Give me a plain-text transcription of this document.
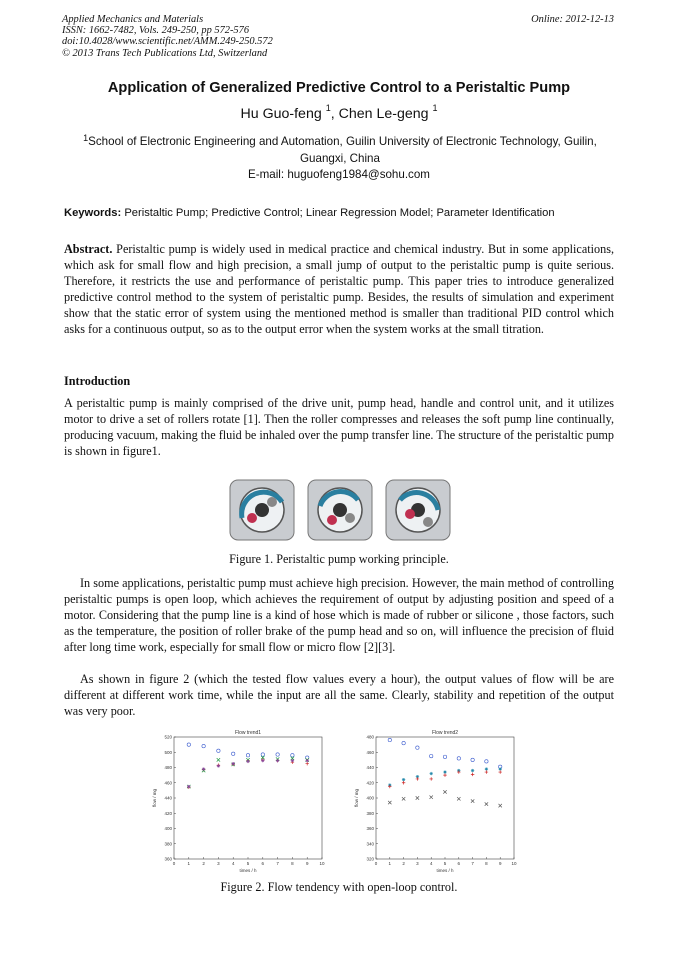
Applied Mechanics and Materials
ISSN: 1662-7482, Vols. 249-250, pp 572-576
doi:10.4028/www.scientific.net/AMM.249-250.572
© 2013 Trans Tech Publications Ltd, Switzerland
Online: 2012-12-13
Application of Generalized Predictive Control to a Peristaltic Pump
Hu Guo-feng $^1$, Chen Le-geng $^1$
$^1$School of Electronic Engineering and Automation, Guilin University of Electronic Technology, Guilin, Guangxi, China
E-mail: huguofeng1984@sohu.com
Keywords: Peristaltic Pump; Predictive Control; Linear Regression Model; Parameter Identification
Abstract. Peristaltic pump is widely used in medical practice and chemical industry. But in some applications, which ask for small flow and high precision, a small jump of output to the peristaltic pump is quite serious. Therefore, it restricts the use and performance of peristaltic pump. This paper tries to introduce generalized predictive control method to the system of peristaltic pump. Besides, the results of simulation and experiment show that the static error of system using the mentioned method is smaller than traditional PID control which asks for a continuous output, so as to the output error when the system works at the small titration.
Introduction
A peristaltic pump is mainly comprised of the drive unit, pump head, handle and control unit, and it utilizes motor to drive a set of rollers rotate [1]. Then the roller compresses and releases the soft pump line continually, producing vacuum, making the fluid be inhaled over the pump transfer line. The structure of the peristaltic pump is shown in figure1.
Figure 1. Peristaltic pump working principle.
In some applications, peristaltic pump must achieve high precision. However, the main method of controlling peristaltic pumps is open loop, which achieves the requirement of output by adjusting position and speed of a motor. Considering that the pump line is a kind of hose which is made of rubber or silicone , those factors, such as the temperature, the position of roller brake of the pump head and so on, will influence the precision of fluid after long time work, especially for small flow or micro flow [2][3].
As shown in figure 2 (which the tested flow values every a hour), the output values of flow will be are different at different work time, while the input are all the same. Clearly, stability and repetition of the output was very poor.
Flow trend1
0	1	2	3	4	5	6	7	8	9 10
360
380
400
420
440
460
480
500
520
times / h
flow / mg
Flow trend2
0	1	2	3	4	5	6	7	8	9 10
320
340
360
380
400
420
440
460
480
times / h
flow / mg
Figure 2. Flow tendency with open-loop control.
